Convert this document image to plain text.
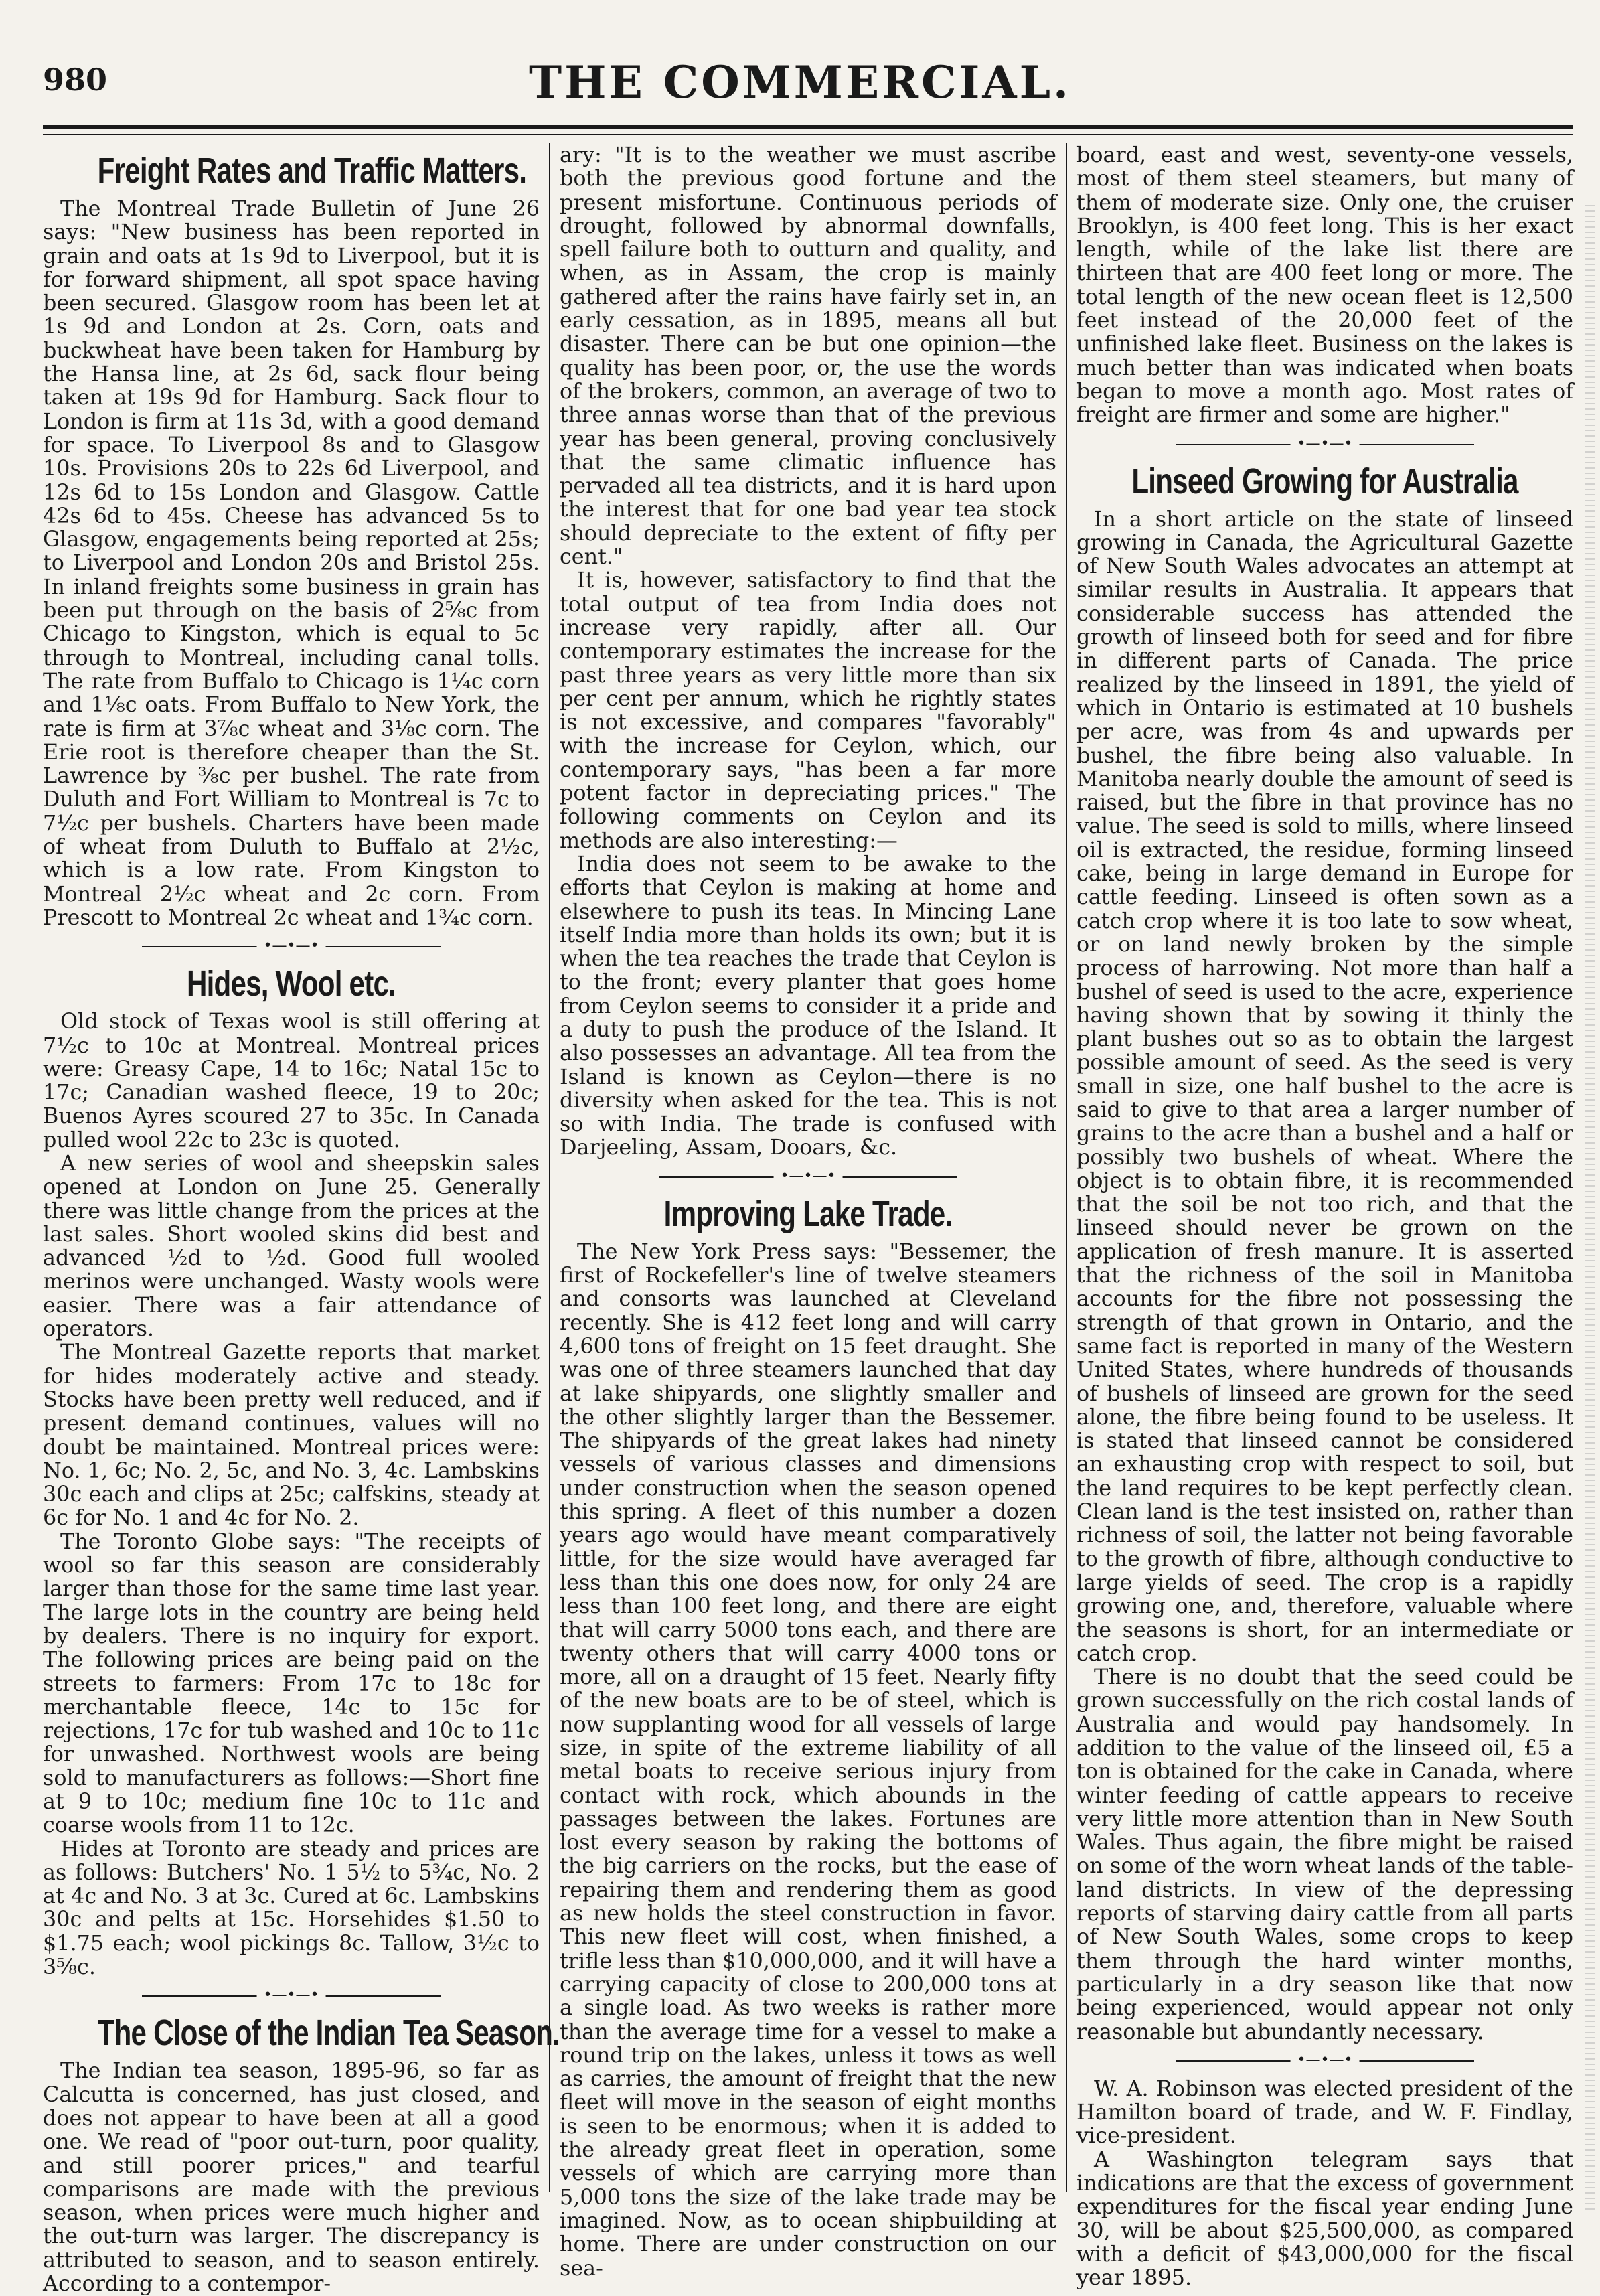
980	THE COMMERCIAL.
Freight Rates and Traffic Matters.

The Montreal Trade Bulletin of June 26 says: "New business has been reported in grain and oats at 1s 9d to Liverpool, but it is for forward shipment, all spot space having been secured. Glasgow room has been let at 1s 9d and London at 2s. Corn, oats and buckwheat have been taken for Hamburg by the Hansa line, at 2s 6d, sack flour being taken at 19s 9d for Hamburg. Sack flour to London is firm at 11s 3d, with a good demand for space. To Liverpool 8s and to Glasgow 10s. Provisions 20s to 22s 6d Liverpool, and 12s 6d to 15s London and Glasgow. Cattle 42s 6d to 45s. Cheese has advanced 5s to Glasgow, engagements being reported at 25s; to Liverpool and London 20s and Bristol 25s. In inland freights some business in grain has been put through on the basis of 2⅝c from Chicago to Kingston, which is equal to 5c through to Montreal, including canal tolls. The rate from Buffalo to Chicago is 1¼c corn and 1⅛c oats. From Buffalo to New York, the rate is firm at 3⅞c wheat and 3⅛c corn. The Erie root is therefore cheaper than the St. Lawrence by ⅜c per bushel. The rate from Duluth and Fort William to Montreal is 7c to 7½c per bushels. Charters have been made of wheat from Duluth to Buffalo at 2½c, which is a low rate. From Kingston to Montreal 2½c wheat and 2c corn. From Prescott to Montreal 2c wheat and 1¾c corn.

•—•—•
Hides, Wool etc.

Old stock of Texas wool is still offering at 7½c to 10c at Montreal. Montreal prices were: Greasy Cape, 14 to 16c; Natal 15c to 17c; Canadian washed fleece, 19 to 20c; Buenos Ayres scoured 27 to 35c. In Canada pulled wool 22c to 23c is quoted.

A new series of wool and sheepskin sales opened at London on June 25. Generally there was little change from the prices at the last sales. Short wooled skins did best and advanced ½d to ½d. Good full wooled merinos were unchanged. Wasty wools were easier. There was a fair attendance of operators.

The Montreal Gazette reports that market for hides moderately active and steady. Stocks have been pretty well reduced, and if present demand continues, values will no doubt be maintained. Montreal prices were: No. 1, 6c; No. 2, 5c, and No. 3, 4c. Lambskins 30c each and clips at 25c; calfskins, steady at 6c for No. 1 and 4c for No. 2.

The Toronto Globe says: "The receipts of wool so far this season are considerably larger than those for the same time last year. The large lots in the country are being held by dealers. There is no inquiry for export. The following prices are being paid on the streets to farmers: From 17c to 18c for merchantable fleece, 14c to 15c for rejections, 17c for tub washed and 10c to 11c for unwashed. Northwest wools are being sold to manufacturers as follows:—Short fine at 9 to 10c; medium fine 10c to 11c and coarse wools from 11 to 12c.

Hides at Toronto are steady and prices are as follows: Butchers' No. 1 5½ to 5¾c, No. 2 at 4c and No. 3 at 3c. Cured at 6c. Lambskins 30c and pelts at 15c. Horsehides $1.50 to $1.75 each; wool pickings 8c. Tallow, 3½c to 3⅝c.

•—•—•
The Close of the Indian Tea Season.

The Indian tea season, 1895-96, so far as Calcutta is concerned, has just closed, and does not appear to have been at all a good one. We read of "poor out-turn, poor quality, and still poorer prices," and tearful comparisons are made with the previous season, when prices were much higher and the out-turn was larger. The discrepancy is attributed to season, and to season entirely. According to a contempor-

ary: "It is to the weather we must ascribe both the previous good fortune and the present misfortune. Continuous periods of drought, followed by abnormal downfalls, spell failure both to outturn and quality, and when, as in Assam, the crop is mainly gathered after the rains have fairly set in, an early cessation, as in 1895, means all but disaster. There can be but one opinion—the quality has been poor, or, the use the words of the brokers, common, an average of two to three annas worse than that of the previous year has been general, proving conclusively that the same climatic influence has pervaded all tea districts, and it is hard upon the interest that for one bad year tea stock should depreciate to the extent of fifty per cent."

It is, however, satisfactory to find that the total output of tea from India does not increase very rapidly, after all. Our contemporary estimates the increase for the past three years as very little more than six per cent per annum, which he rightly states is not excessive, and compares "favorably" with the increase for Ceylon, which, our contemporary says, "has been a far more potent factor in depreciating prices." The following comments on Ceylon and its methods are also interesting:—

India does not seem to be awake to the efforts that Ceylon is making at home and elsewhere to push its teas. In Mincing Lane itself India more than holds its own; but it is when the tea reaches the trade that Ceylon is to the front; every planter that goes home from Ceylon seems to consider it a pride and a duty to push the produce of the Island. It also possesses an advantage. All tea from the Island is known as Ceylon—there is no diversity when asked for the tea. This is not so with India. The trade is confused with Darjeeling, Assam, Dooars, &c.

•—•—•
Improving Lake Trade.

The New York Press says: "Bessemer, the first of Rockefeller's line of twelve steamers and consorts was launched at Cleveland recently. She is 412 feet long and will carry 4,600 tons of freight on 15 feet draught. She was one of three steamers launched that day at lake shipyards, one slightly smaller and the other slightly larger than the Bessemer. The shipyards of the great lakes had ninety vessels of various classes and dimensions under construction when the season opened this spring. A fleet of this number a dozen years ago would have meant comparatively little, for the size would have averaged far less than this one does now, for only 24 are less than 100 feet long, and there are eight that will carry 5000 tons each, and there are twenty others that will carry 4000 tons or more, all on a draught of 15 feet. Nearly fifty of the new boats are to be of steel, which is now supplanting wood for all vessels of large size, in spite of the extreme liability of all metal boats to receive serious injury from contact with rock, which abounds in the passages between the lakes. Fortunes are lost every season by raking the bottoms of the big carriers on the rocks, but the ease of repairing them and rendering them as good as new holds the steel construction in favor. This new fleet will cost, when finished, a trifle less than $10,000,000, and it will have a carrying capacity of close to 200,000 tons at a single load. As two weeks is rather more than the average time for a vessel to make a round trip on the lakes, unless it tows as well as carries, the amount of freight that the new fleet will move in the season of eight months is seen to be enormous; when it is added to the already great fleet in operation, some vessels of which are carrying more than 5,000 tons the size of the lake trade may be imagined. Now, as to ocean shipbuilding at home. There are under construction on our sea-

board, east and west, seventy-one vessels, most of them steel steamers, but many of them of moderate size. Only one, the cruiser Brooklyn, is 400 feet long. This is her exact length, while of the lake list there are thirteen that are 400 feet long or more. The total length of the new ocean fleet is 12,500 feet instead of the 20,000 feet of the unfinished lake fleet. Business on the lakes is much better than was indicated when boats began to move a month ago. Most rates of freight are firmer and some are higher."

•—•—•
Linseed Growing for Australia

In a short article on the state of linseed growing in Canada, the Agricultural Gazette of New South Wales advocates an attempt at similar results in Australia. It appears that considerable success has attended the growth of linseed both for seed and for fibre in different parts of Canada. The price realized by the linseed in 1891, the yield of which in Ontario is estimated at 10 bushels per acre, was from 4s and upwards per bushel, the fibre being also valuable. In Manitoba nearly double the amount of seed is raised, but the fibre in that province has no value. The seed is sold to mills, where linseed oil is extracted, the residue, forming linseed cake, being in large demand in Europe for cattle feeding. Linseed is often sown as a catch crop where it is too late to sow wheat, or on land newly broken by the simple process of harrowing. Not more than half a bushel of seed is used to the acre, experience having shown that by sowing it thinly the plant bushes out so as to obtain the largest possible amount of seed. As the seed is very small in size, one half bushel to the acre is said to give to that area a larger number of grains to the acre than a bushel and a half or possibly two bushels of wheat. Where the object is to obtain fibre, it is recommended that the soil be not too rich, and that the linseed should never be grown on the application of fresh manure. It is asserted that the richness of the soil in Manitoba accounts for the fibre not possessing the strength of that grown in Ontario, and the same fact is reported in many of the Western United States, where hundreds of thousands of bushels of linseed are grown for the seed alone, the fibre being found to be useless. It is stated that linseed cannot be considered an exhausting crop with respect to soil, but the land requires to be kept perfectly clean. Clean land is the test insisted on, rather than richness of soil, the latter not being favorable to the growth of fibre, although conductive to large yields of seed. The crop is a rapidly growing one, and, therefore, valuable where the seasons is short, for an intermediate or catch crop.

There is no doubt that the seed could be grown successfully on the rich costal lands of Australia and would pay handsomely. In addition to the value of the linseed oil, £5 a ton is obtained for the cake in Canada, where winter feeding of cattle appears to receive very little more attention than in New South Wales. Thus again, the fibre might be raised on some of the worn wheat lands of the table-land districts. In view of the depressing reports of starving dairy cattle from all parts of New South Wales, some crops to keep them through the hard winter months, particularly in a dry season like that now being experienced, would appear not only reasonable but abundantly necessary.

•—•—•

W. A. Robinson was elected president of the Hamilton board of trade, and W. F. Findlay, vice-president.

A Washington telegram says that indications are that the excess of government expenditures for the fiscal year ending June 30, will be about $25,500,000, as compared with a deficit of $43,000,000 for the fiscal year 1895.
